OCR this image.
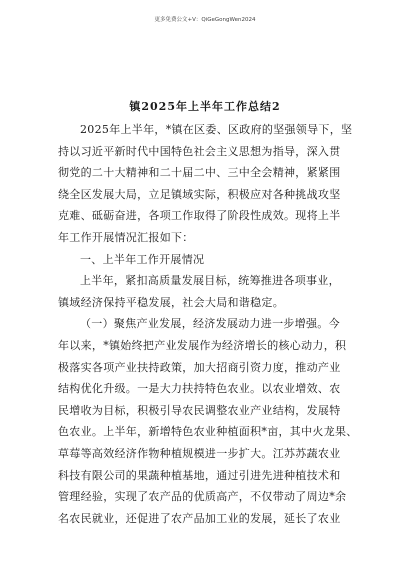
更多免费公文+V：QiGeGongWen2024
镇2025年上半年工作总结2
2025年上半年，*镇在区委、区政府的坚强领导下，坚
持以习近平新时代中国特色社会主义思想为指导，深入贯
彻党的二十大精神和二十届二中、三中全会精神，紧紧围
绕全区发展大局，立足镇域实际，积极应对各种挑战攻坚
克难、砥砺奋进，各项工作取得了阶段性成效。现将上半
年工作开展情况汇报如下：
一、上半年工作开展情况
上半年，紧扣高质量发展目标，统筹推进各项事业，
镇域经济保持平稳发展，社会大局和谐稳定。
（一）聚焦产业发展，经济发展动力进一步增强。今
年以来，*镇始终把产业发展作为经济增长的核心动力，积
极落实各项产业扶持政策，加大招商引资力度，推动产业
结构优化升级。一是大力扶持特色农业。以农业增效、农
民增收为目标，积极引导农民调整农业产业结构，发展特
色农业。上半年，新增特色农业种植面积*亩，其中火龙果、
草莓等高效经济作物种植规模进一步扩大。江苏苏蔬农业
科技有限公司的果蔬种植基地，通过引进先进种植技术和
管理经验，实现了农产品的优质高产，不仅带动了周边*余
名农民就业，还促进了农产品加工业的发展，延长了农业
